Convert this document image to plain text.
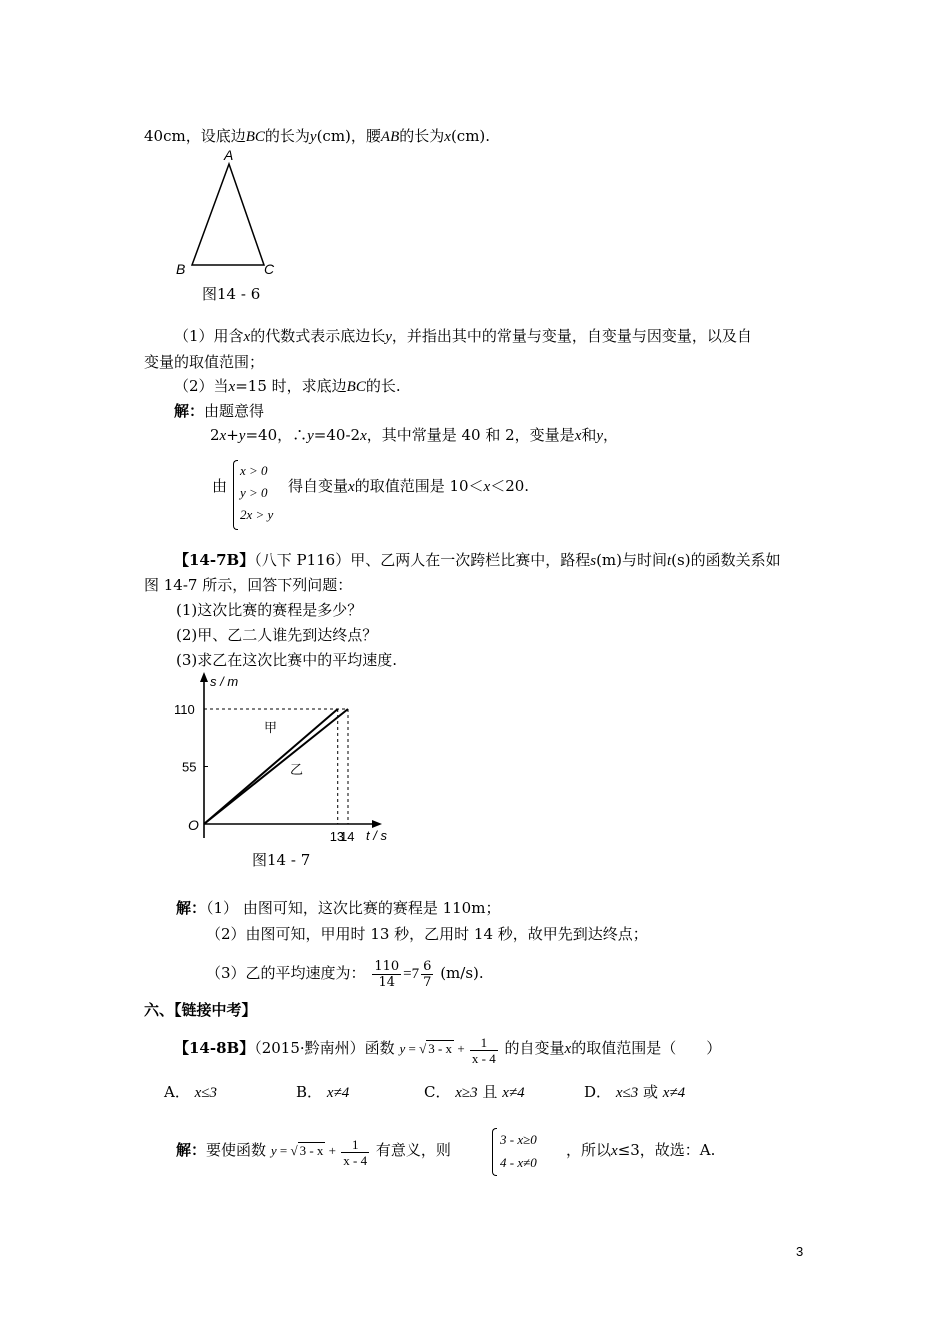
40cm，设底边BC的长为y(cm)，腰AB的长为x(cm).
A
B	C
图14 - 6
（1）用含x的代数式表示底边长y，并指出其中的常量与变量，自变量与因变量，以及自
变量的取值范围；
（2）当x=15 时，求底边BC的长.
解：由题意得
2x+y=40，∴y=40-2x，其中常量是 40 和 2，变量是x和y，
由
x > 0
y > 0
2x > y
得自变量x的取值范围是 10＜x＜20.
【14-7B】（八下 P116）甲、乙两人在一次跨栏比赛中，路程s(m)与时间t(s)的函数关系如
图 14-7 所示，回答下列问题：
(1)这次比赛的赛程是多少？
(2)甲、乙二人谁先到达终点？
(3)求乙在这次比赛中的平均速度.
甲
乙
110
55
13
14
O
s / m
t / s
图14 - 7
解：（1） 由图可知，这次比赛的赛程是 110m；
（2）由图可知，甲用时 13 秒，乙用时 14 秒，故甲先到达终点；
（3）乙的平均速度为： $\frac{110}{14} =7 \frac{6}{7} (m/s)$.
六、【链接中考】
【14-8B】（2015·黔南州）函数 y = √ $3 - x + \frac{1}{x - 4}$ 的自变量x的取值范围是（　　）
A． x≤3	B． x≠4	C． x≥3 且 x≠4	D． x≤3 或 x≠4
解：要使函数 y = √ $3 - x + \frac{1}{x - 4}$ 有意义，则
3 - x≥0
4 - x≠0
，所以x≤3，故选：A.
3
